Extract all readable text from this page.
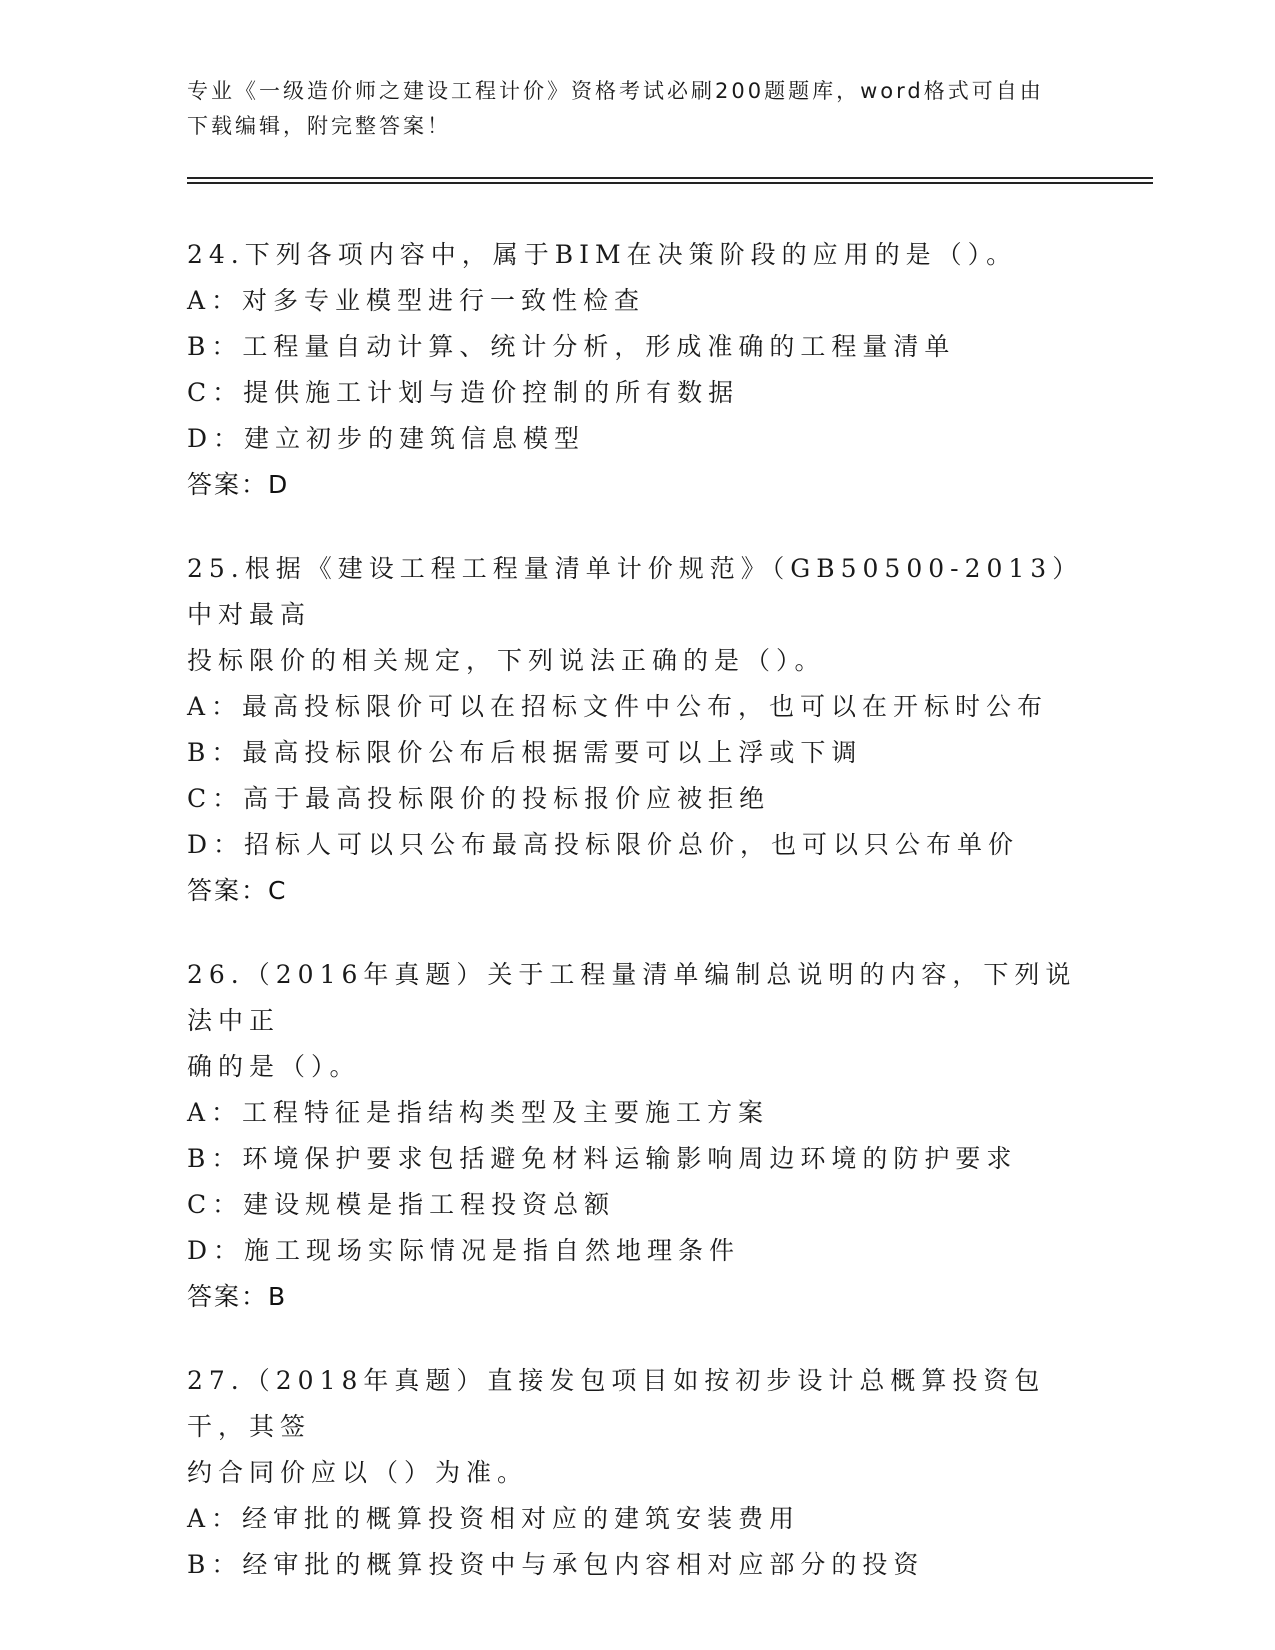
专业《一级造价师之建设工程计价》资格考试必刷200题题库，word格式可自由
下载编辑，附完整答案！
24.下列各项内容中，属于BIM在决策阶段的应用的是（）。
A：对多专业模型进行一致性检查
B：工程量自动计算、统计分析，形成准确的工程量清单
C：提供施工计划与造价控制的所有数据
D：建立初步的建筑信息模型
答案：D
25.根据《建设工程工程量清单计价规范》（GB50500-2013）中对最高
投标限价的相关规定，下列说法正确的是（）。
A：最高投标限价可以在招标文件中公布，也可以在开标时公布
B：最高投标限价公布后根据需要可以上浮或下调
C：高于最高投标限价的投标报价应被拒绝
D：招标人可以只公布最高投标限价总价，也可以只公布单价
答案：C
26.（2016年真题）关于工程量清单编制总说明的内容，下列说法中正
确的是（）。
A：工程特征是指结构类型及主要施工方案
B：环境保护要求包括避免材料运输影响周边环境的防护要求
C：建设规模是指工程投资总额
D：施工现场实际情况是指自然地理条件
答案：B
27.（2018年真题）直接发包项目如按初步设计总概算投资包干，其签
约合同价应以（）为准。
A：经审批的概算投资相对应的建筑安装费用
B：经审批的概算投资中与承包内容相对应部分的投资
